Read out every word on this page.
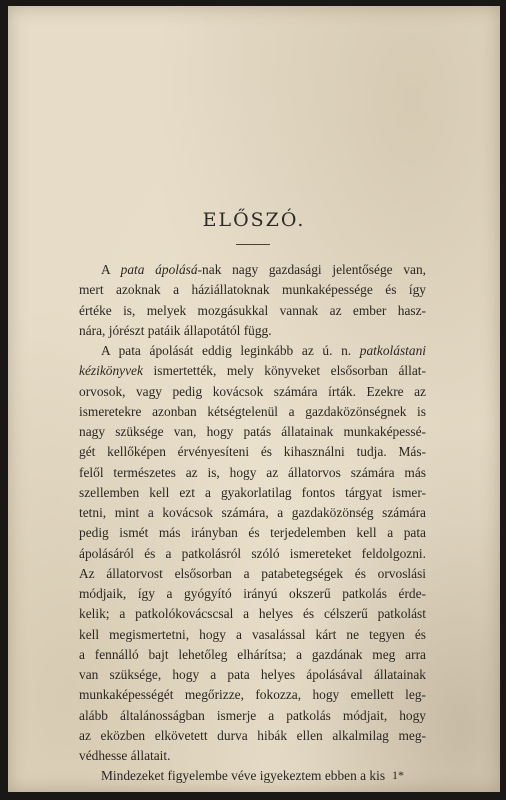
ELŐSZÓ.
A pata ápolásá-nak nagy gazdasági jelentősége van,
mert azoknak a háziállatoknak munkaképessége és így
értéke is, melyek mozgásukkal vannak az ember hasz-
nára, jórészt patáik állapotától függ.
A pata ápolását eddig leginkább az ú. n. patkolástani
kézikönyvek ismertették, mely könyveket elsősorban állat-
orvosok, vagy pedig kovácsok számára írták. Ezekre az
ismeretekre azonban kétségtelenül a gazdaközönségnek is
nagy szüksége van, hogy patás állatainak munkaképessé-
gét kellőképen érvényesíteni és kihasználni tudja. Más-
felől természetes az is, hogy az állatorvos számára más
szellemben kell ezt a gyakorlatilag fontos tárgyat ismer-
tetni, mint a kovácsok számára, a gazdaközönség számára
pedig ismét más irányban és terjedelemben kell a pata
ápolásáról és a patkolásról szóló ismereteket feldolgozni.
Az állatorvost elsősorban a patabetegségek és orvoslási
módjaik, így a gyógyító irányú okszerű patkolás érde-
kelik; a patkolókovácscsal a helyes és célszerű patkolást
kell megismertetni, hogy a vasalással kárt ne tegyen és
a fennálló bajt lehetőleg elhárítsa; a gazdának meg arra
van szüksége, hogy a pata helyes ápolásával állatainak
munkaképességét megőrizze, fokozza, hogy emellett leg-
alább általánosságban ismerje a patkolás módjait, hogy
az eközben elkövetett durva hibák ellen alkalmilag meg-
védhesse állatait.
Mindezeket figyelembe véve igyekeztem ebben a kis 1*
